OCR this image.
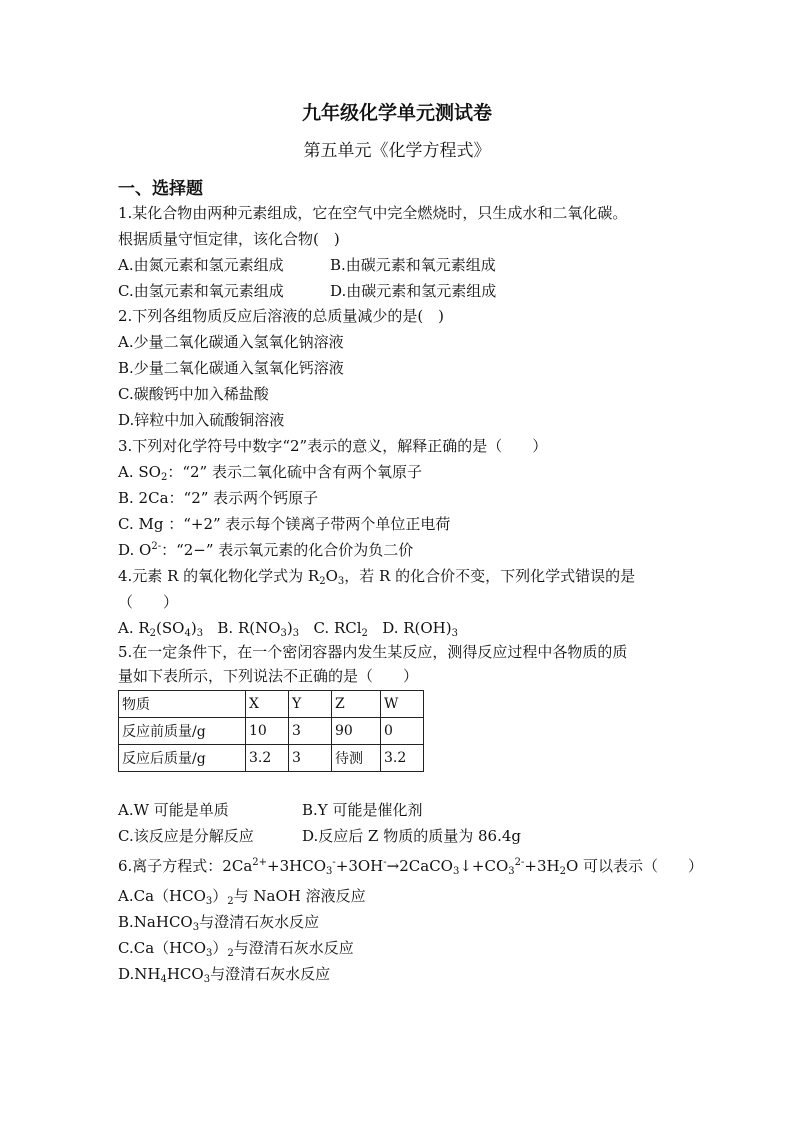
九年级化学单元测试卷
第五单元《化学方程式》
一、选择题
1.某化合物由两种元素组成，它在空气中完全燃烧时，只生成水和二氧化碳。
根据质量守恒定律，该化合物(　)
A.由氮元素和氢元素组成	B.由碳元素和氧元素组成
C.由氢元素和氧元素组成	D.由碳元素和氢元素组成
2.下列各组物质反应后溶液的总质量减少的是(　)
A.少量二氧化碳通入氢氧化钠溶液
B.少量二氧化碳通入氢氧化钙溶液
C.碳酸钙中加入稀盐酸
D.锌粒中加入硫酸铜溶液
3.下列对化学符号中数字“2”表示的意义，解释正确的是（　　）
A. $SO_2$：“2” 表示二氧化硫中含有两个氧原子
B. 2Ca：“2” 表示两个钙原子
C. Mg ：“+2” 表示每个镁离子带两个单位正电荷
D. $O^{2-}$：“2−” 表示氧元素的化合价为负二价
4.元素 R 的氧化物化学式为 $R_2O_3$，若 R 的化合价不变，下列化学式错误的是
（　　）
A. $R_2(SO_4)_3$ B. $R(NO_3)_3$ C. RCl$_2$ D. $R(OH)_3$
5.在一定条件下，在一个密闭容器内发生某反应，测得反应过程中各物质的质
量如下表所示，下列说法不正确的是（　　）
物质	X	Y	Z	W
反应前质量/g	10	3	90	0
反应后质量/g	3.2	3	待测	3.2
A.W 可能是单质	B.Y 可能是催化剂
C.该反应是分解反应	D.反应后 Z 物质的质量为 86.4g
6.离子方程式：$2Ca^{2+}+3HCO_3^-+3OH^-\to 2CaCO_3↓+CO_3^{2-}+3H_2O$ 可以表示（　　）
$A.Ca(HCO_3)_2$与 NaOH 溶液反应
B.NaHCO$_3$与澄清石灰水反应
$C.Ca(HCO_3)_2$与澄清石灰水反应
$D.NH_4HCO_3$与澄清石灰水反应
